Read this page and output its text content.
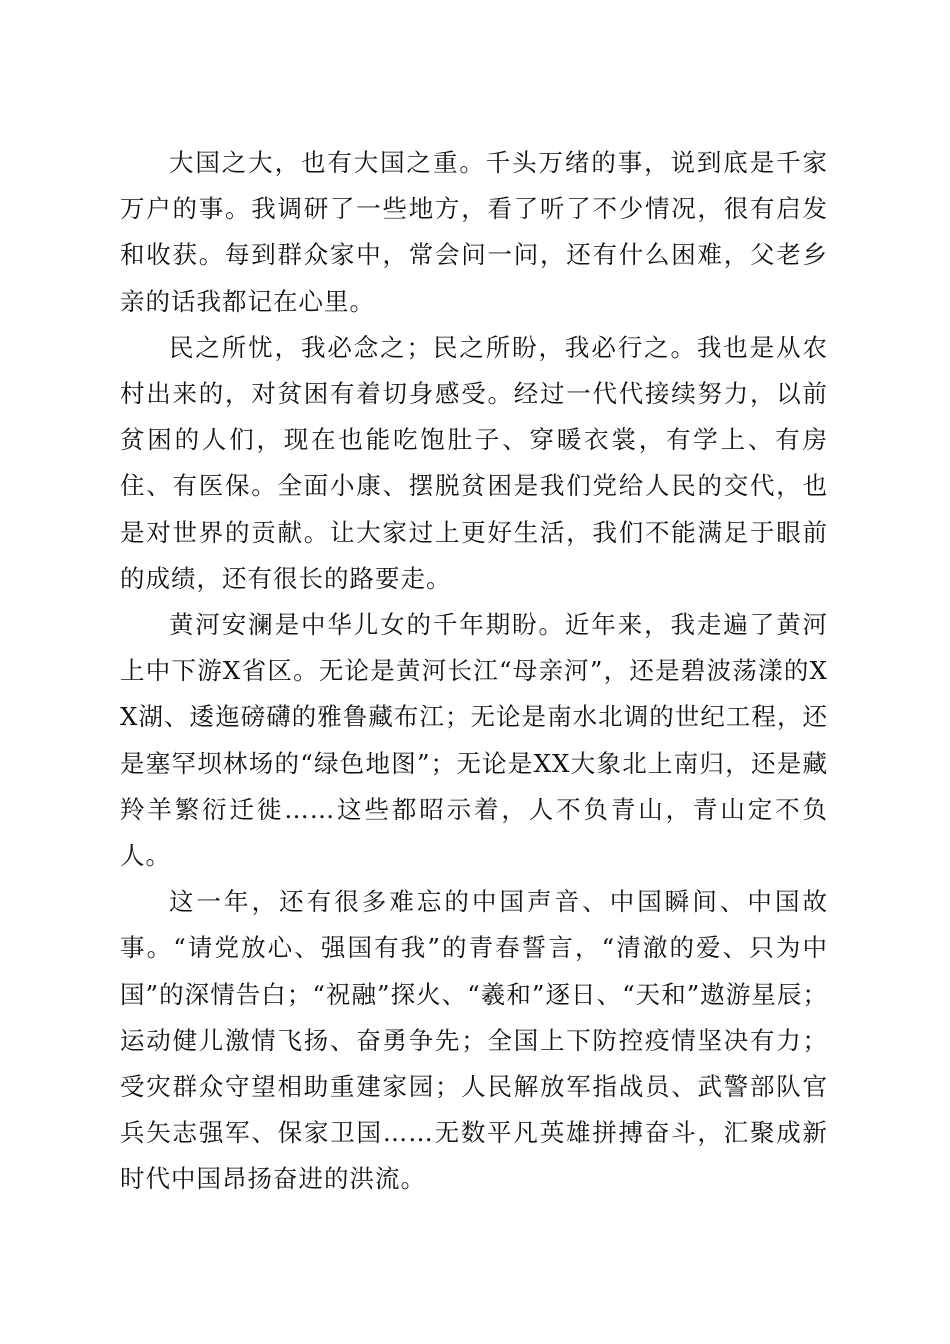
大国之大，也有大国之重。千头万绪的事，说到底是千家万户的事。我调研了一些地方，看了听了不少情况，很有启发和收获。每到群众家中，常会问一问，还有什么困难，父老乡亲的话我都记在心里。

民之所忧，我必念之；民之所盼，我必行之。我也是从农村出来的，对贫困有着切身感受。经过一代代接续努力，以前贫困的人们，现在也能吃饱肚子、穿暖衣裳，有学上、有房住、有医保。全面小康、摆脱贫困是我们党给人民的交代，也是对世界的贡献。让大家过上更好生活，我们不能满足于眼前的成绩，还有很长的路要走。

黄河安澜是中华儿女的千年期盼。近年来，我走遍了黄河上中下游X省区。无论是黄河长江“母亲河”，还是碧波荡漾的XX湖、逶迤磅礴的雅鲁藏布江；无论是南水北调的世纪工程，还是塞罕坝林场的“绿色地图”；无论是XX大象北上南归，还是藏羚羊繁衍迁徙……这些都昭示着，人不负青山，青山定不负人。

这一年，还有很多难忘的中国声音、中国瞬间、中国故事。“请党放心、强国有我”的青春誓言，“清澈的爱、只为中国”的深情告白；“祝融”探火、“羲和”逐日、“天和”遨游星辰；运动健儿激情飞扬、奋勇争先；全国上下防控疫情坚决有力；受灾群众守望相助重建家园；人民解放军指战员、武警部队官兵矢志强军、保家卫国……无数平凡英雄拼搏奋斗，汇聚成新时代中国昂扬奋进的洪流。
